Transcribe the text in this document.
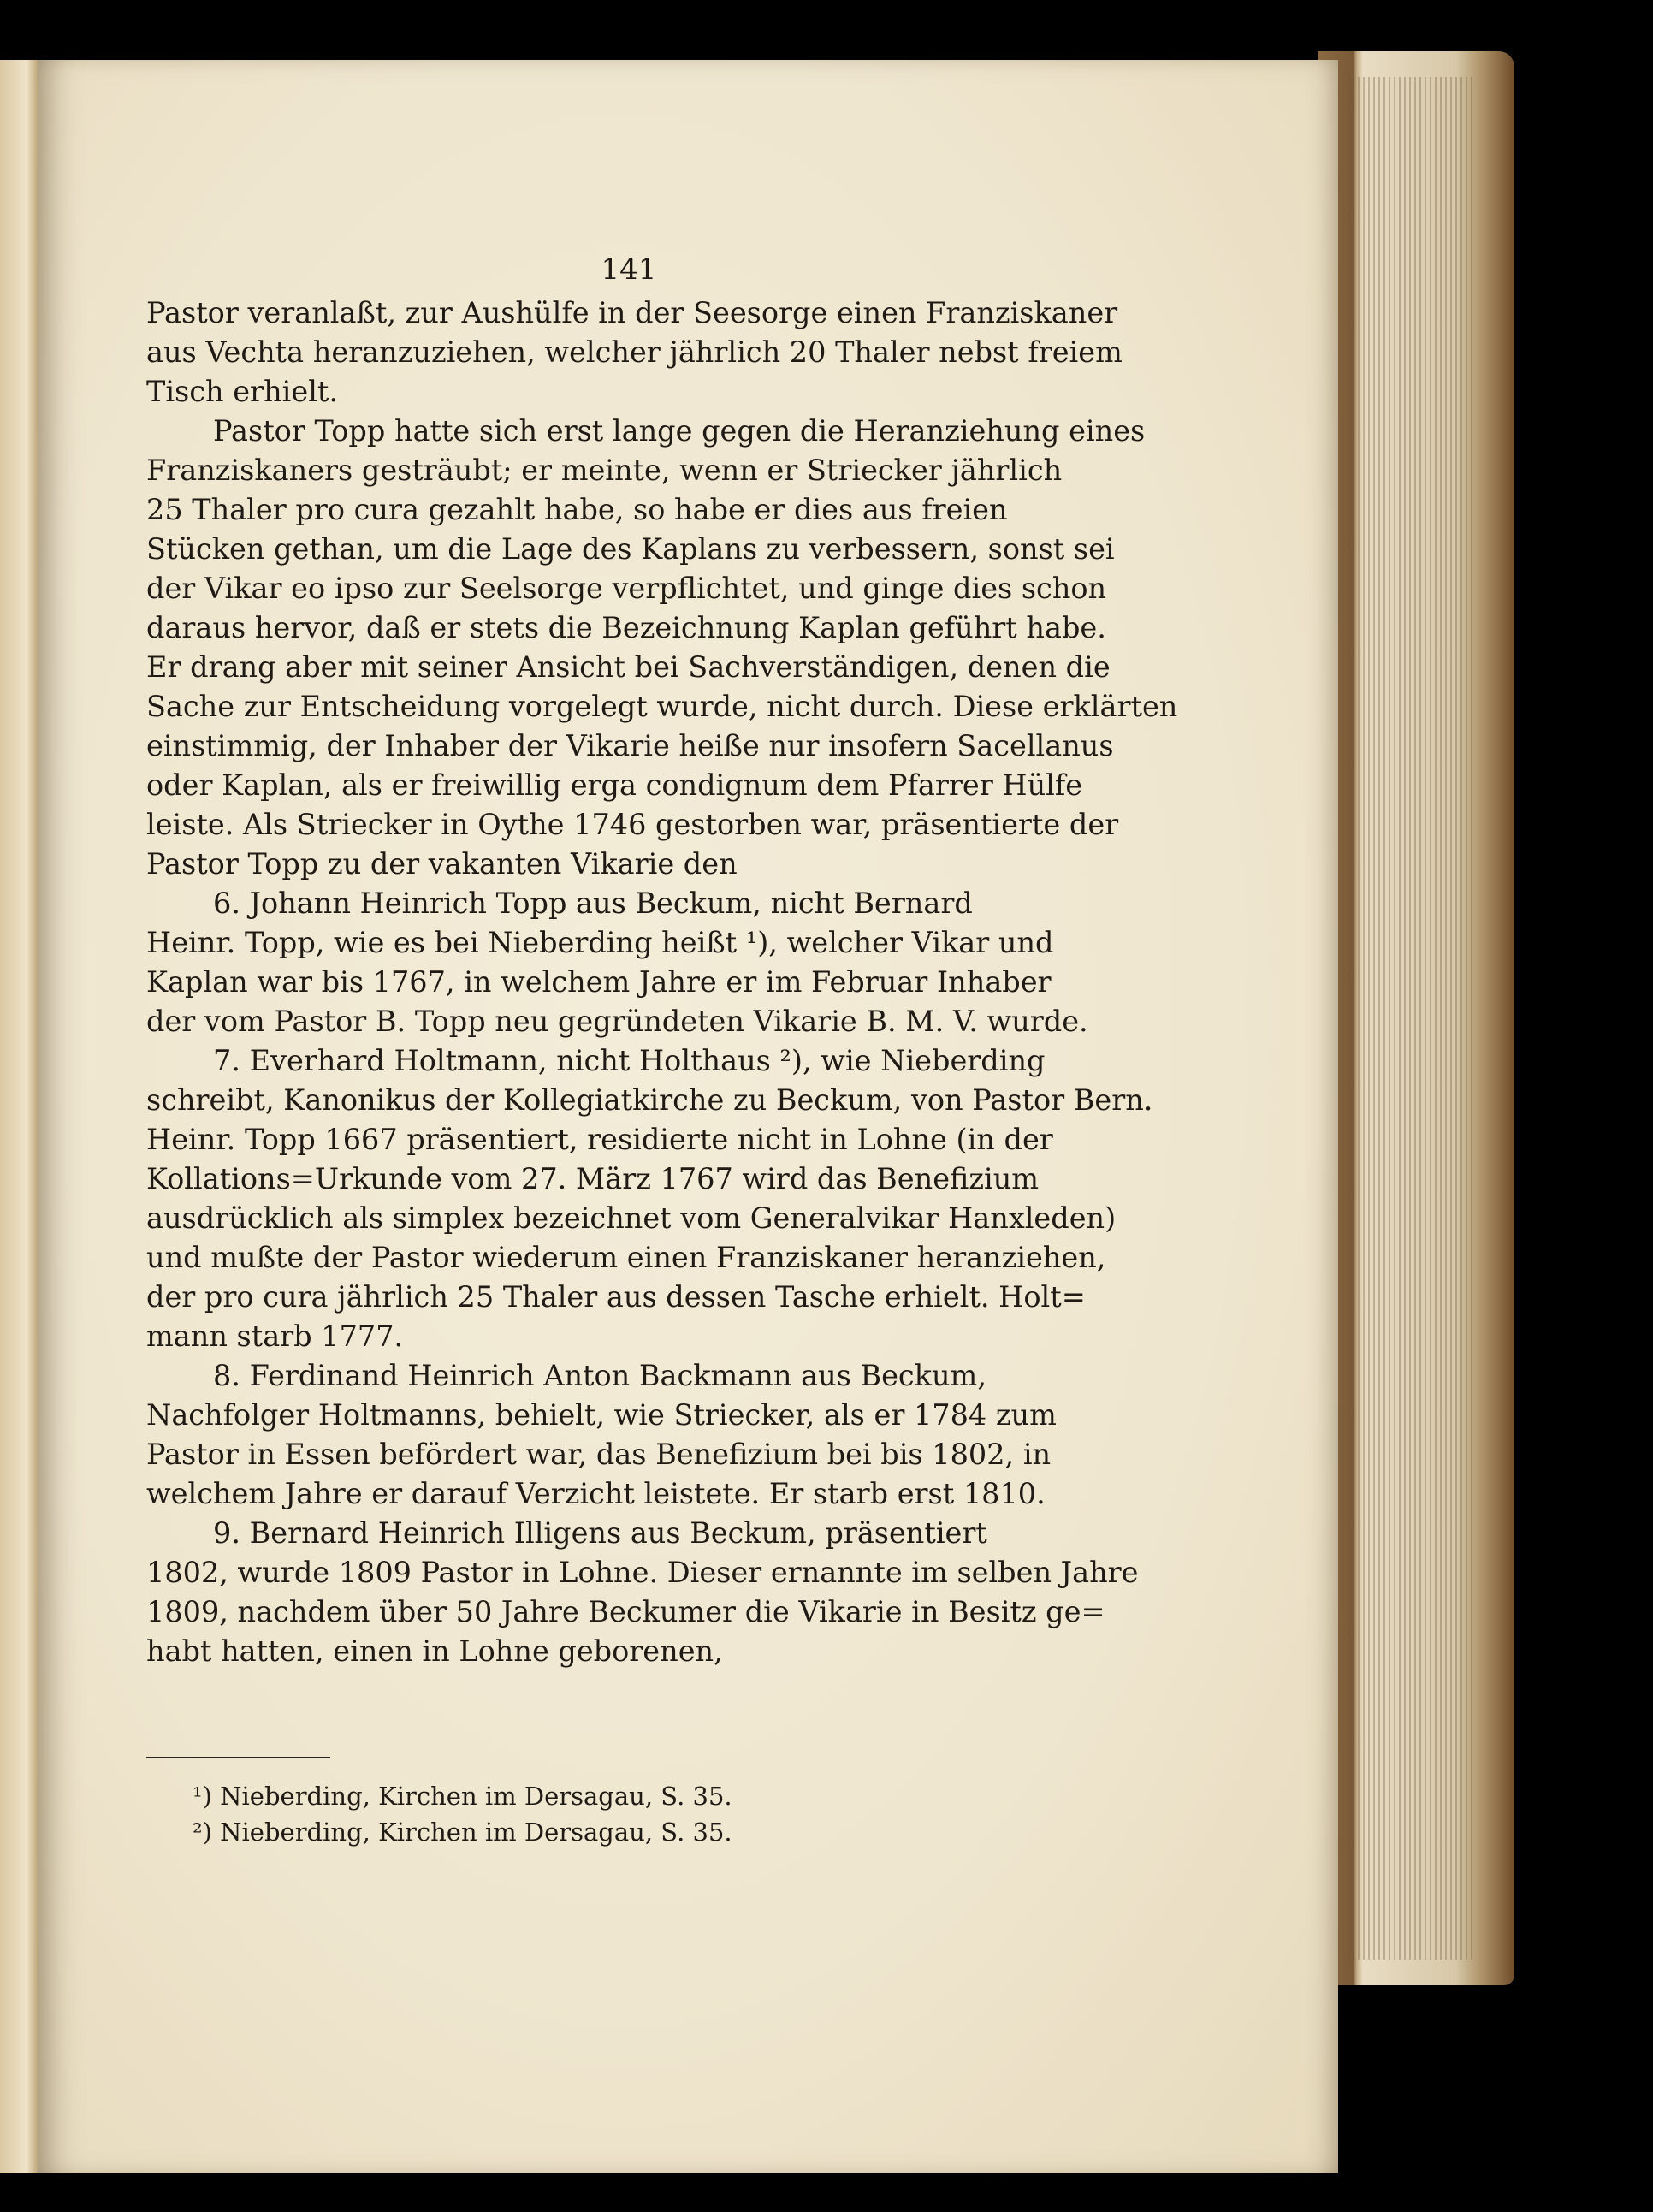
141
Pastor veranlaßt, zur Aushülfe in der Seesorge einen Franziskaner
aus Vechta heranzuziehen, welcher jährlich 20 Thaler nebst freiem
Tisch erhielt.
Pastor Topp hatte sich erst lange gegen die Heranziehung eines
Franziskaners gesträubt; er meinte, wenn er Striecker jährlich
25 Thaler pro cura gezahlt habe, so habe er dies aus freien
Stücken gethan, um die Lage des Kaplans zu verbessern, sonst sei
der Vikar eo ipso zur Seelsorge verpflichtet, und ginge dies schon
daraus hervor, daß er stets die Bezeichnung Kaplan geführt habe.
Er drang aber mit seiner Ansicht bei Sachverständigen, denen die
Sache zur Entscheidung vorgelegt wurde, nicht durch. Diese erklärten
einstimmig, der Inhaber der Vikarie heiße nur insofern Sacellanus
oder Kaplan, als er freiwillig erga condignum dem Pfarrer Hülfe
leiste. Als Striecker in Oythe 1746 gestorben war, präsentierte der
Pastor Topp zu der vakanten Vikarie den
6. Johann Heinrich Topp aus Beckum, nicht Bernard
Heinr. Topp, wie es bei Nieberding heißt ¹), welcher Vikar und
Kaplan war bis 1767, in welchem Jahre er im Februar Inhaber
der vom Pastor B. Topp neu gegründeten Vikarie B. M. V. wurde.
7. Everhard Holtmann, nicht Holthaus ²), wie Nieberding
schreibt, Kanonikus der Kollegiatkirche zu Beckum, von Pastor Bern.
Heinr. Topp 1667 präsentiert, residierte nicht in Lohne (in der
Kollations=Urkunde vom 27. März 1767 wird das Benefizium
ausdrücklich als simplex bezeichnet vom Generalvikar Hanxleden)
und mußte der Pastor wiederum einen Franziskaner heranziehen,
der pro cura jährlich 25 Thaler aus dessen Tasche erhielt. Holt=
mann starb 1777.
8. Ferdinand Heinrich Anton Backmann aus Beckum,
Nachfolger Holtmanns, behielt, wie Striecker, als er 1784 zum
Pastor in Essen befördert war, das Benefizium bei bis 1802, in
welchem Jahre er darauf Verzicht leistete. Er starb erst 1810.
9. Bernard Heinrich Illigens aus Beckum, präsentiert
1802, wurde 1809 Pastor in Lohne. Dieser ernannte im selben Jahre
1809, nachdem über 50 Jahre Beckumer die Vikarie in Besitz ge=
habt hatten, einen in Lohne geborenen,
¹) Nieberding, Kirchen im Dersagau, S. 35.
²) Nieberding, Kirchen im Dersagau, S. 35.
